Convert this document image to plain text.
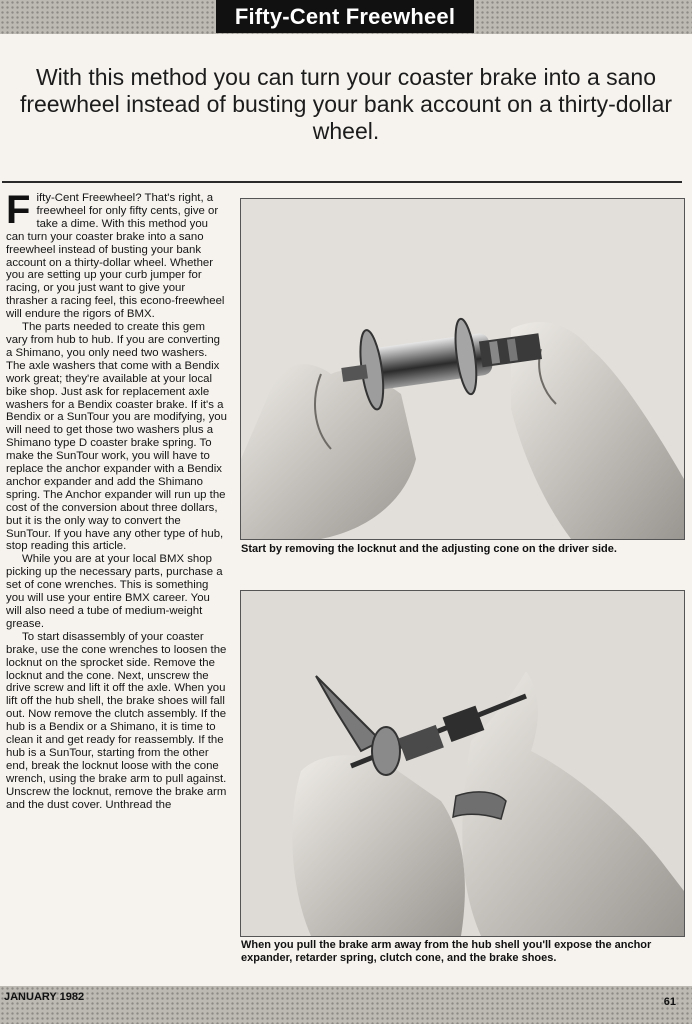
Fifty-Cent Freewheel
With this method you can turn your coaster brake into a sano freewheel instead of busting your bank account on a thirty-dollar wheel.

Fifty-Cent Freewheel? That's right, a freewheel for only fifty cents, give or take a dime. With this method you can turn your coaster brake into a sano freewheel instead of busting your bank account on a thirty-dollar wheel. Whether you are setting up your curb jumper for racing, or you just want to give your thrasher a racing feel, this econo-freewheel will endure the rigors of BMX.

The parts needed to create this gem vary from hub to hub. If you are converting a Shimano, you only need two washers. The axle washers that come with a Bendix work great; they're available at your local bike shop. Just ask for replacement axle washers for a Bendix coaster brake. If it's a Bendix or a SunTour you are modifying, you will need to get those two washers plus a Shimano type D coaster brake spring. To make the SunTour work, you will have to replace the anchor expander with a Bendix anchor expander and add the Shimano spring. The Anchor expander will run up the cost of the conversion about three dollars, but it is the only way to convert the SunTour. If you have any other type of hub, stop reading this article.

While you are at your local BMX shop picking up the necessary parts, purchase a set of cone wrenches. This is something you will use your entire BMX career. You will also need a tube of medium-weight grease.

To start disassembly of your coaster brake, use the cone wrenches to loosen the locknut on the sprocket side. Remove the locknut and the cone. Next, unscrew the drive screw and lift it off the axle. When you lift off the hub shell, the brake shoes will fall out. Now remove the clutch assembly. If the hub is a Bendix or a Shimano, it is time to clean it and get ready for reassembly. If the hub is a SunTour, starting from the other end, break the locknut loose with the cone wrench, using the brake arm to pull against. Unscrew the locknut, remove the brake arm and the dust cover. Unthread the

Start by removing the locknut and the adjusting cone on the driver side.
When you pull the brake arm away from the hub shell you'll expose the anchor expander, retarder spring, clutch cone, and the brake shoes.
JANUARY 1982	61
